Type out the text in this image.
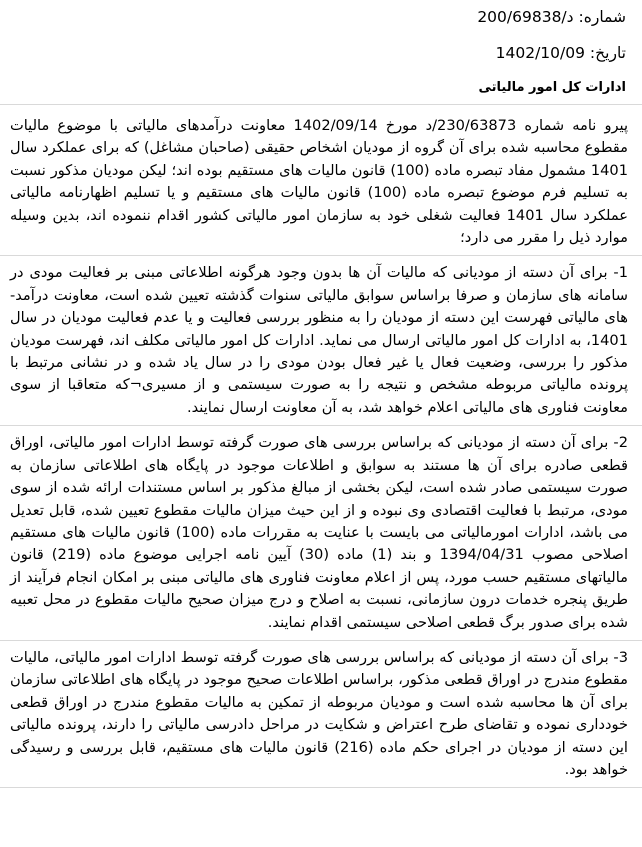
شماره: 200/69838/د
تاریخ: 1402/10/09
ادارات کل امور مالیاتی

پیرو نامه شماره 230/63873/د مورخ 1402/09/14 معاونت درآمدهای مالیاتی با موضوع مالیات مقطوع محاسبه شده برای آن گروه از مودیان اشخاص حقیقی (صاحبان مشاغل) که برای عملکرد سال 1401 مشمول مفاد تبصره ماده (100) قانون مالیات های مستقیم بوده اند؛ لیکن مودیان مذکور نسبت به تسلیم فرم موضوع تبصره ماده (100) قانون مالیات های مستقیم و یا تسلیم اظهارنامه مالیاتی عملکرد سال 1401 فعالیت شغلی خود به سازمان امور مالیاتی کشور اقدام ننموده اند، بدین وسیله موارد ذیل را مقرر می دارد؛

1- برای آن دسته از مودیانی که مالیات آن ها بدون وجود هرگونه اطلاعاتی مبنی بر فعالیت مودی در سامانه های سازمان و صرفا براساس سوابق مالیاتی سنوات گذشته تعیین شده است، معاونت درآمد-های مالیاتی فهرست این دسته از مودیان را به منظور بررسی فعالیت و یا عدم فعالیت مودیان در سال 1401، به ادارات کل امور مالیاتی ارسال می نماید. ادارات کل امور مالیاتی مکلف اند، فهرست مودیان مذکور را بررسی، وضعیت فعال یا غیر فعال بودن مودی را در سال یاد شده و در نشانی مرتبط با پرونده مالیاتی مربوطه مشخص و نتیجه را به صورت سیستمی و از مسیری¬که متعاقبا از سوی معاونت فناوری های مالیاتی اعلام خواهد شد، به آن معاونت ارسال نمایند.

2- برای آن دسته از مودیانی که براساس بررسی های صورت گرفته توسط ادارات امور مالیاتی، اوراق قطعی صادره برای آن ها مستند به سوابق و اطلاعات موجود در پایگاه های اطلاعاتی سازمان به صورت سیستمی صادر شده است، لیکن بخشی از مبالغ مذکور بر اساس مستندات ارائه شده از سوی مودی، مرتبط با فعالیت اقتصادی وی نبوده و از این حیث میزان مالیات مقطوع تعیین شده، قابل تعدیل می باشد، ادارات امورمالیاتی می بایست با عنایت به مقررات ماده (100) قانون مالیات های مستقیم اصلاحی مصوب 1394/04/31 و بند (1) ماده (30) آیین نامه اجرایی موضوع ماده (219) قانون مالیاتهای مستقیم حسب مورد، پس از اعلام معاونت فناوری های مالیاتی مبنی بر امکان انجام فرآیند از طریق پنجره خدمات درون سازمانی، نسبت به اصلاح و درج میزان صحیح مالیات مقطوع در محل تعبیه شده برای صدور برگ قطعی اصلاحی سیستمی اقدام نمایند.

3- برای آن دسته از مودیانی که براساس بررسی های صورت گرفته توسط ادارات امور مالیاتی، مالیات مقطوع مندرج در اوراق قطعی مذکور، براساس اطلاعات صحیح موجود در پایگاه های اطلاعاتی سازمان برای آن ها محاسبه شده است و مودیان مربوطه از تمکین به مالیات مقطوع مندرج در اوراق قطعی خودداری نموده و تقاضای طرح اعتراض و شکایت در مراحل دادرسی مالیاتی را دارند، پرونده مالیاتی این دسته از مودیان در اجرای حکم ماده (216) قانون مالیات های مستقیم، قابل بررسی و رسیدگی خواهد بود.
